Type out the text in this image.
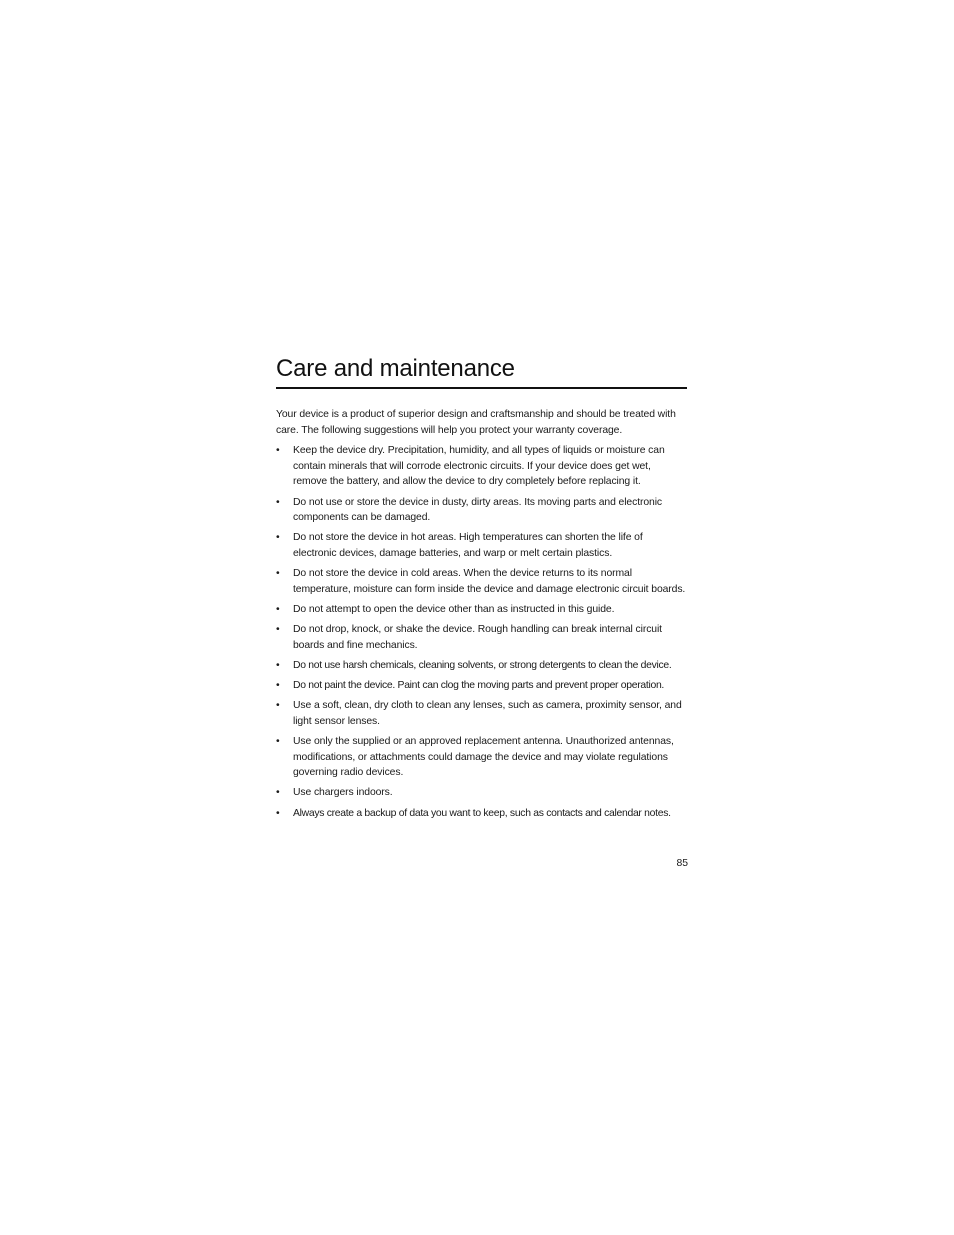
Care and maintenance

Your device is a product of superior design and craftsmanship and should be treated with care. The following suggestions will help you protect your warranty coverage.

•	Keep the device dry. Precipitation, humidity, and all types of liquids or moisture can contain minerals that will corrode electronic circuits. If your device does get wet, remove the battery, and allow the device to dry completely before replacing it.
•	Do not use or store the device in dusty, dirty areas. Its moving parts and electronic components can be damaged.
•	Do not store the device in hot areas. High temperatures can shorten the life of electronic devices, damage batteries, and warp or melt certain plastics.
•	Do not store the device in cold areas. When the device returns to its normal temperature, moisture can form inside the device and damage electronic circuit boards.
•	Do not attempt to open the device other than as instructed in this guide.
•	Do not drop, knock, or shake the device. Rough handling can break internal circuit boards and fine mechanics.
•	Do not use harsh chemicals, cleaning solvents, or strong detergents to clean the device.
•	Do not paint the device. Paint can clog the moving parts and prevent proper operation.
•	Use a soft, clean, dry cloth to clean any lenses, such as camera, proximity sensor, and light sensor lenses.
•	Use only the supplied or an approved replacement antenna. Unauthorized antennas, modifications, or attachments could damage the device and may violate regulations governing radio devices.
•	Use chargers indoors.
•	Always create a backup of data you want to keep, such as contacts and calendar notes.
85
